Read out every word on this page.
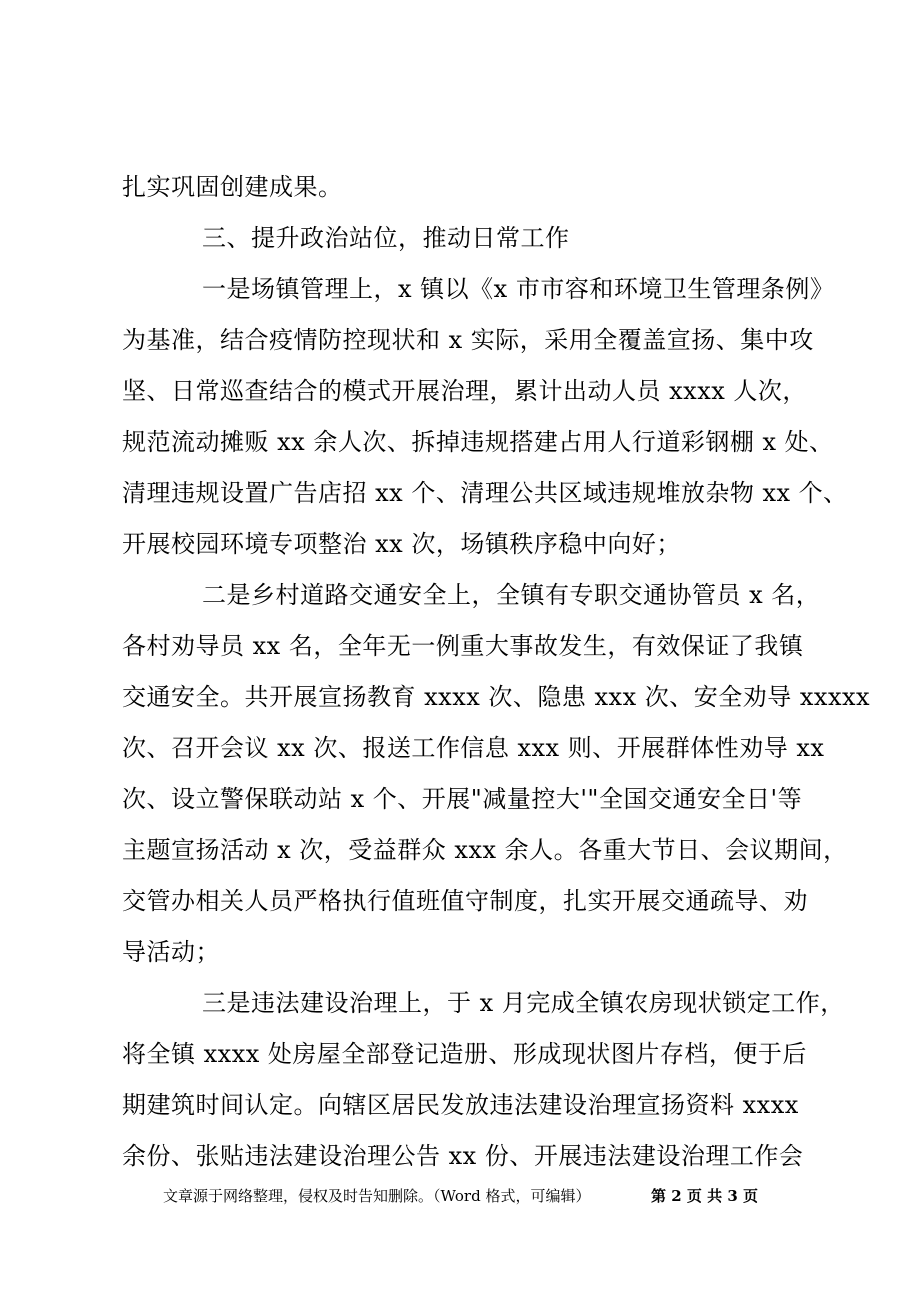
扎实巩固创建成果。
三、提升政治站位，推动日常工作
一是场镇管理上，x 镇以《x 市市容和环境卫生管理条例》
为基准，结合疫情防控现状和 x 实际，采用全覆盖宣扬、集中攻
坚、日常巡查结合的模式开展治理，累计出动人员 xxxx 人次，
规范流动摊贩 xx 余人次、拆掉违规搭建占用人行道彩钢棚 x 处、
清理违规设置广告店招 xx 个、清理公共区域违规堆放杂物 xx 个、
开展校园环境专项整治 xx 次，场镇秩序稳中向好；
二是乡村道路交通安全上，全镇有专职交通协管员 x 名，
各村劝导员 xx 名，全年无一例重大事故发生，有效保证了我镇
交通安全。共开展宣扬教育 xxxx 次、隐患 xxx 次、安全劝导 xxxxx
次、召开会议 xx 次、报送工作信息 xxx 则、开展群体性劝导 xx
次、设立警保联动站 x 个、开展"减量控大'"全国交通安全日'等
主题宣扬活动 x 次，受益群众 xxx 余人。各重大节日、会议期间，
交管办相关人员严格执行值班值守制度，扎实开展交通疏导、劝
导活动；
三是违法建设治理上，于 x 月完成全镇农房现状锁定工作，
将全镇 xxxx 处房屋全部登记造册、形成现状图片存档，便于后
期建筑时间认定。向辖区居民发放违法建设治理宣扬资料 xxxx
余份、张贴违法建设治理公告 xx 份、开展违法建设治理工作会
文章源于网络整理，侵权及时告知删除。（Word 格式，可编辑）	第 2 页 共 3 页
